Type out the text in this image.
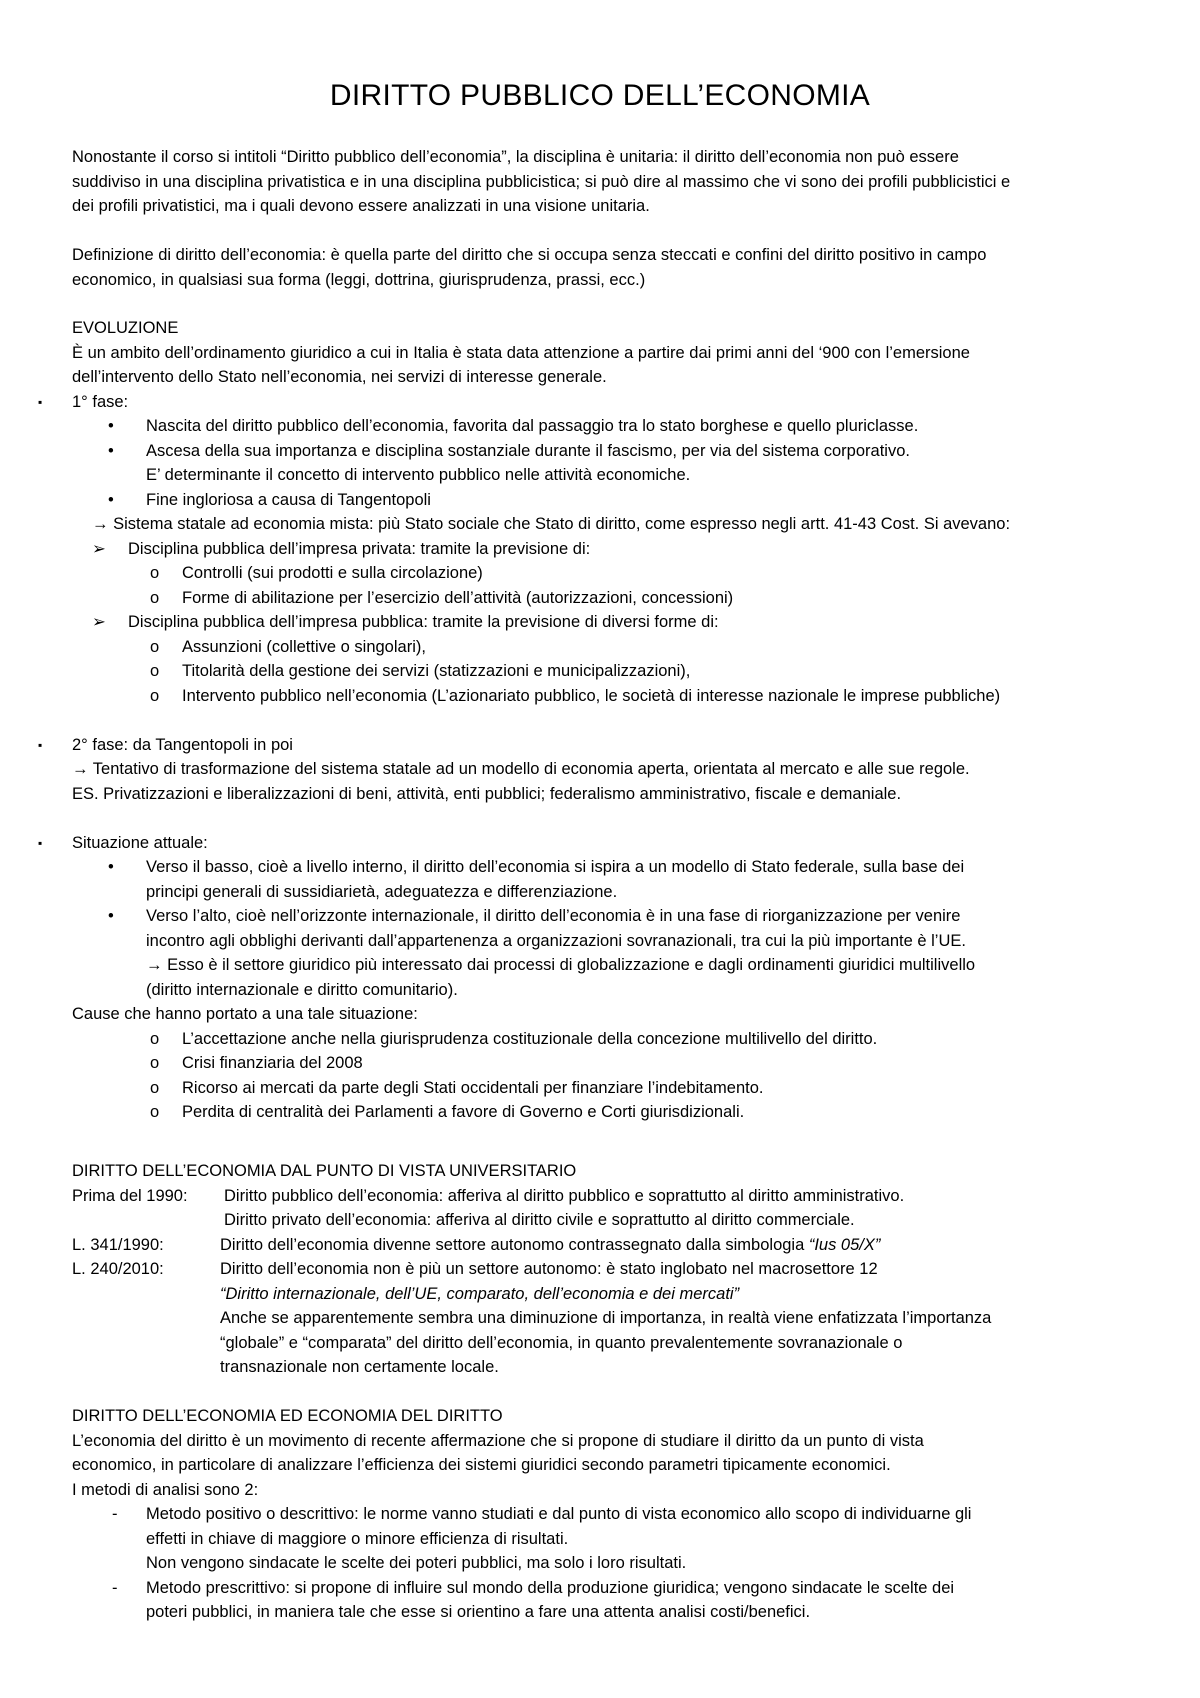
DIRITTO PUBBLICO DELL’ECONOMIA
Nonostante il corso si intitoli “Diritto pubblico dell’economia”, la disciplina è unitaria: il diritto dell’economia non può essere
suddiviso in una disciplina privatistica e in una disciplina pubblicistica; si può dire al massimo che vi sono dei profili pubblicistici e
dei profili privatistici, ma i quali devono essere analizzati in una visione unitaria.
Definizione di diritto dell’economia: è quella parte del diritto che si occupa senza steccati e confini del diritto positivo in campo
economico, in qualsiasi sua forma (leggi, dottrina, giurisprudenza, prassi, ecc.)
EVOLUZIONE
È un ambito dell’ordinamento giuridico a cui in Italia è stata data attenzione a partire dai primi anni del ‘900 con l’emersione
dell’intervento dello Stato nell’economia, nei servizi di interesse generale.
▪ 1° fase:
• Nascita del diritto pubblico dell’economia, favorita dal passaggio tra lo stato borghese e quello pluriclasse.
• Ascesa della sua importanza e disciplina sostanziale durante il fascismo, per via del sistema corporativo.
E’ determinante il concetto di intervento pubblico nelle attività economiche.
• Fine ingloriosa a causa di Tangentopoli
→ Sistema statale ad economia mista: più Stato sociale che Stato di diritto, come espresso negli artt. 41-43 Cost. Si avevano:
➢ Disciplina pubblica dell’impresa privata: tramite la previsione di:
o Controlli (sui prodotti e sulla circolazione)
o Forme di abilitazione per l’esercizio dell’attività (autorizzazioni, concessioni)
➢ Disciplina pubblica dell’impresa pubblica: tramite la previsione di diversi forme di:
o Assunzioni (collettive o singolari),
o Titolarità della gestione dei servizi (statizzazioni e municipalizzazioni),
o Intervento pubblico nell’economia (L’azionariato pubblico, le società di interesse nazionale le imprese pubbliche)
▪ 2° fase: da Tangentopoli in poi
→ Tentativo di trasformazione del sistema statale ad un modello di economia aperta, orientata al mercato e alle sue regole.
ES. Privatizzazioni e liberalizzazioni di beni, attività, enti pubblici; federalismo amministrativo, fiscale e demaniale.
▪ Situazione attuale:
• Verso il basso, cioè a livello interno, il diritto dell’economia si ispira a un modello di Stato federale, sulla base dei
principi generali di sussidiarietà, adeguatezza e differenziazione.
• Verso l’alto, cioè nell’orizzonte internazionale, il diritto dell’economia è in una fase di riorganizzazione per venire
incontro agli obblighi derivanti dall’appartenenza a organizzazioni sovranazionali, tra cui la più importante è l’UE.
→ Esso è il settore giuridico più interessato dai processi di globalizzazione e dagli ordinamenti giuridici multilivello
(diritto internazionale e diritto comunitario).
Cause che hanno portato a una tale situazione:
o L’accettazione anche nella giurisprudenza costituzionale della concezione multilivello del diritto.
o Crisi finanziaria del 2008
o Ricorso ai mercati da parte degli Stati occidentali per finanziare l’indebitamento.
o Perdita di centralità dei Parlamenti a favore di Governo e Corti giurisdizionali.
DIRITTO DELL’ECONOMIA DAL PUNTO DI VISTA UNIVERSITARIO
Prima del 1990:	Diritto pubblico dell’economia: afferiva al diritto pubblico e soprattutto al diritto amministrativo.
Diritto privato dell’economia: afferiva al diritto civile e soprattutto al diritto commerciale.
L. 341/1990:	Diritto dell’economia divenne settore autonomo contrassegnato dalla simbologia “Ius 05/X”
L. 240/2010:	Diritto dell’economia non è più un settore autonomo: è stato inglobato nel macrosettore 12
“Diritto internazionale, dell’UE, comparato, dell’economia e dei mercati”
Anche se apparentemente sembra una diminuzione di importanza, in realtà viene enfatizzata l’importanza
“globale” e “comparata” del diritto dell’economia, in quanto prevalentemente sovranazionale o
transnazionale non certamente locale.
DIRITTO DELL’ECONOMIA ED ECONOMIA DEL DIRITTO
L’economia del diritto è un movimento di recente affermazione che si propone di studiare il diritto da un punto di vista
economico, in particolare di analizzare l’efficienza dei sistemi giuridici secondo parametri tipicamente economici.
I metodi di analisi sono 2:
- Metodo positivo o descrittivo: le norme vanno studiati e dal punto di vista economico allo scopo di individuarne gli
effetti in chiave di maggiore o minore efficienza di risultati.
Non vengono sindacate le scelte dei poteri pubblici, ma solo i loro risultati.
- Metodo prescrittivo: si propone di influire sul mondo della produzione giuridica; vengono sindacate le scelte dei
poteri pubblici, in maniera tale che esse si orientino a fare una attenta analisi costi/benefici.
